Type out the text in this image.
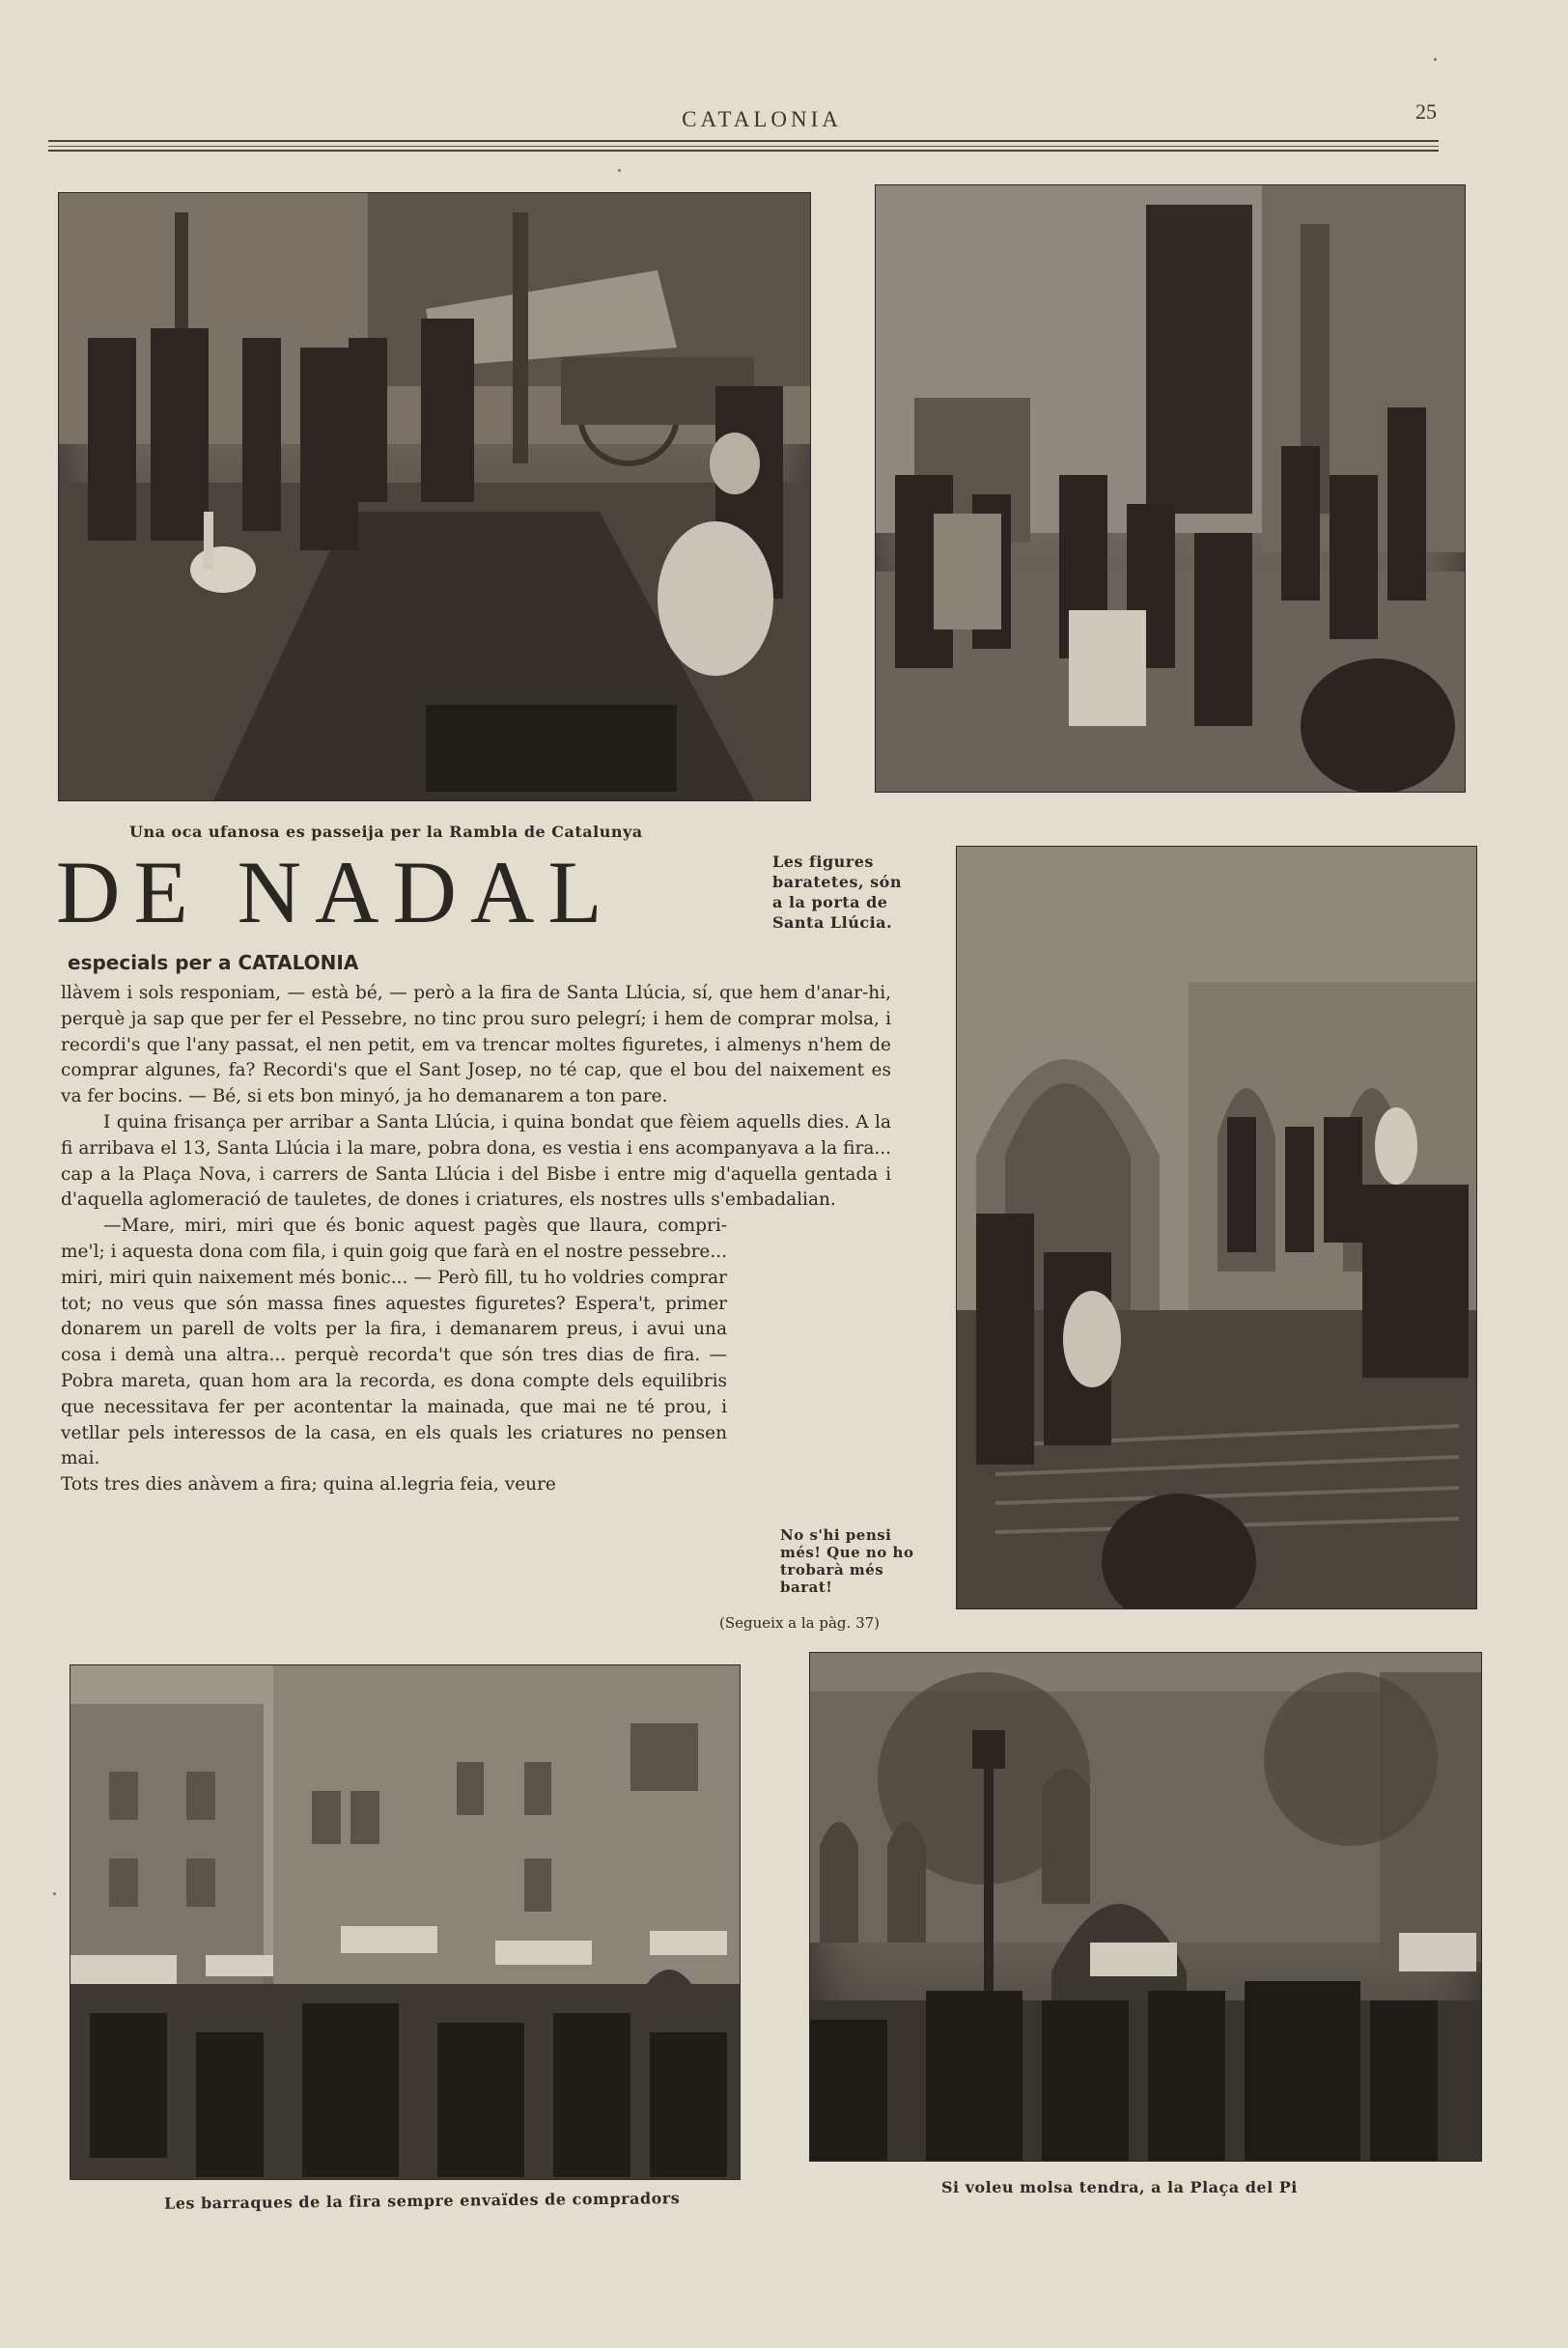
CATALONIA	25
Una oca ufanosa es passeija per la Rambla de Catalunya
Les figures baratetes, són a la porta de Santa Llúcia.
No s'hi pensi més! Que no ho trobarà més barat!
Les barraques de la fira sempre envaïdes de compradors
Si voleu molsa tendra, a la Plaça del Pi
DE NADAL
especials per a CATALONIA

llàvem i sols responiam, — està bé, — però a la fira de Santa Llúcia, sí, que hem d'anar-hi, perquè ja sap que per fer el Pessebre, no tinc prou suro pelegrí; i hem de comprar molsa, i recordi's que l'any passat, el nen petit, em va trencar moltes figuretes, i almenys n'hem de comprar algunes, fa? Recordi's que el Sant Josep, no té cap, que el bou del naixement es va fer bocins. — Bé, si ets bon minyó, ja ho demanarem a ton pare.

I quina frisança per arribar a Santa Llúcia, i quina bondat que fèiem aquells dies. A la fi arribava el 13, Santa Llúcia i la mare, pobra dona, es vestia i ens acompanyava a la fira... cap a la Plaça Nova, i carrers de Santa Llúcia i del Bisbe i entre mig d'aquella gentada i d'aquella aglomeració de tauletes, de dones i criatures, els nostres ulls s'embadalian.

—Mare, miri, miri que és bonic aquest pagès que llaura, compri-me'l; i aquesta dona com fila, i quin goig que farà en el nostre pessebre... miri, miri quin naixement més bonic... — Però fill, tu ho voldries comprar tot; no veus que són massa fines aquestes figuretes? Espera't, primer donarem un parell de volts per la fira, i demanarem preus, i avui una cosa i demà una altra... perquè recorda't que són tres dias de fira. — Pobra mareta, quan hom ara la recorda, es dona compte dels equilibris que necessitava fer per acontentar la mainada, que mai ne té prou, i vetllar pels interessos de la casa, en els quals les criatures no pensen mai.

Tots tres dies anàvem a fira; quina al.legria feia, veure

(Segueix a la pàg. 37)
